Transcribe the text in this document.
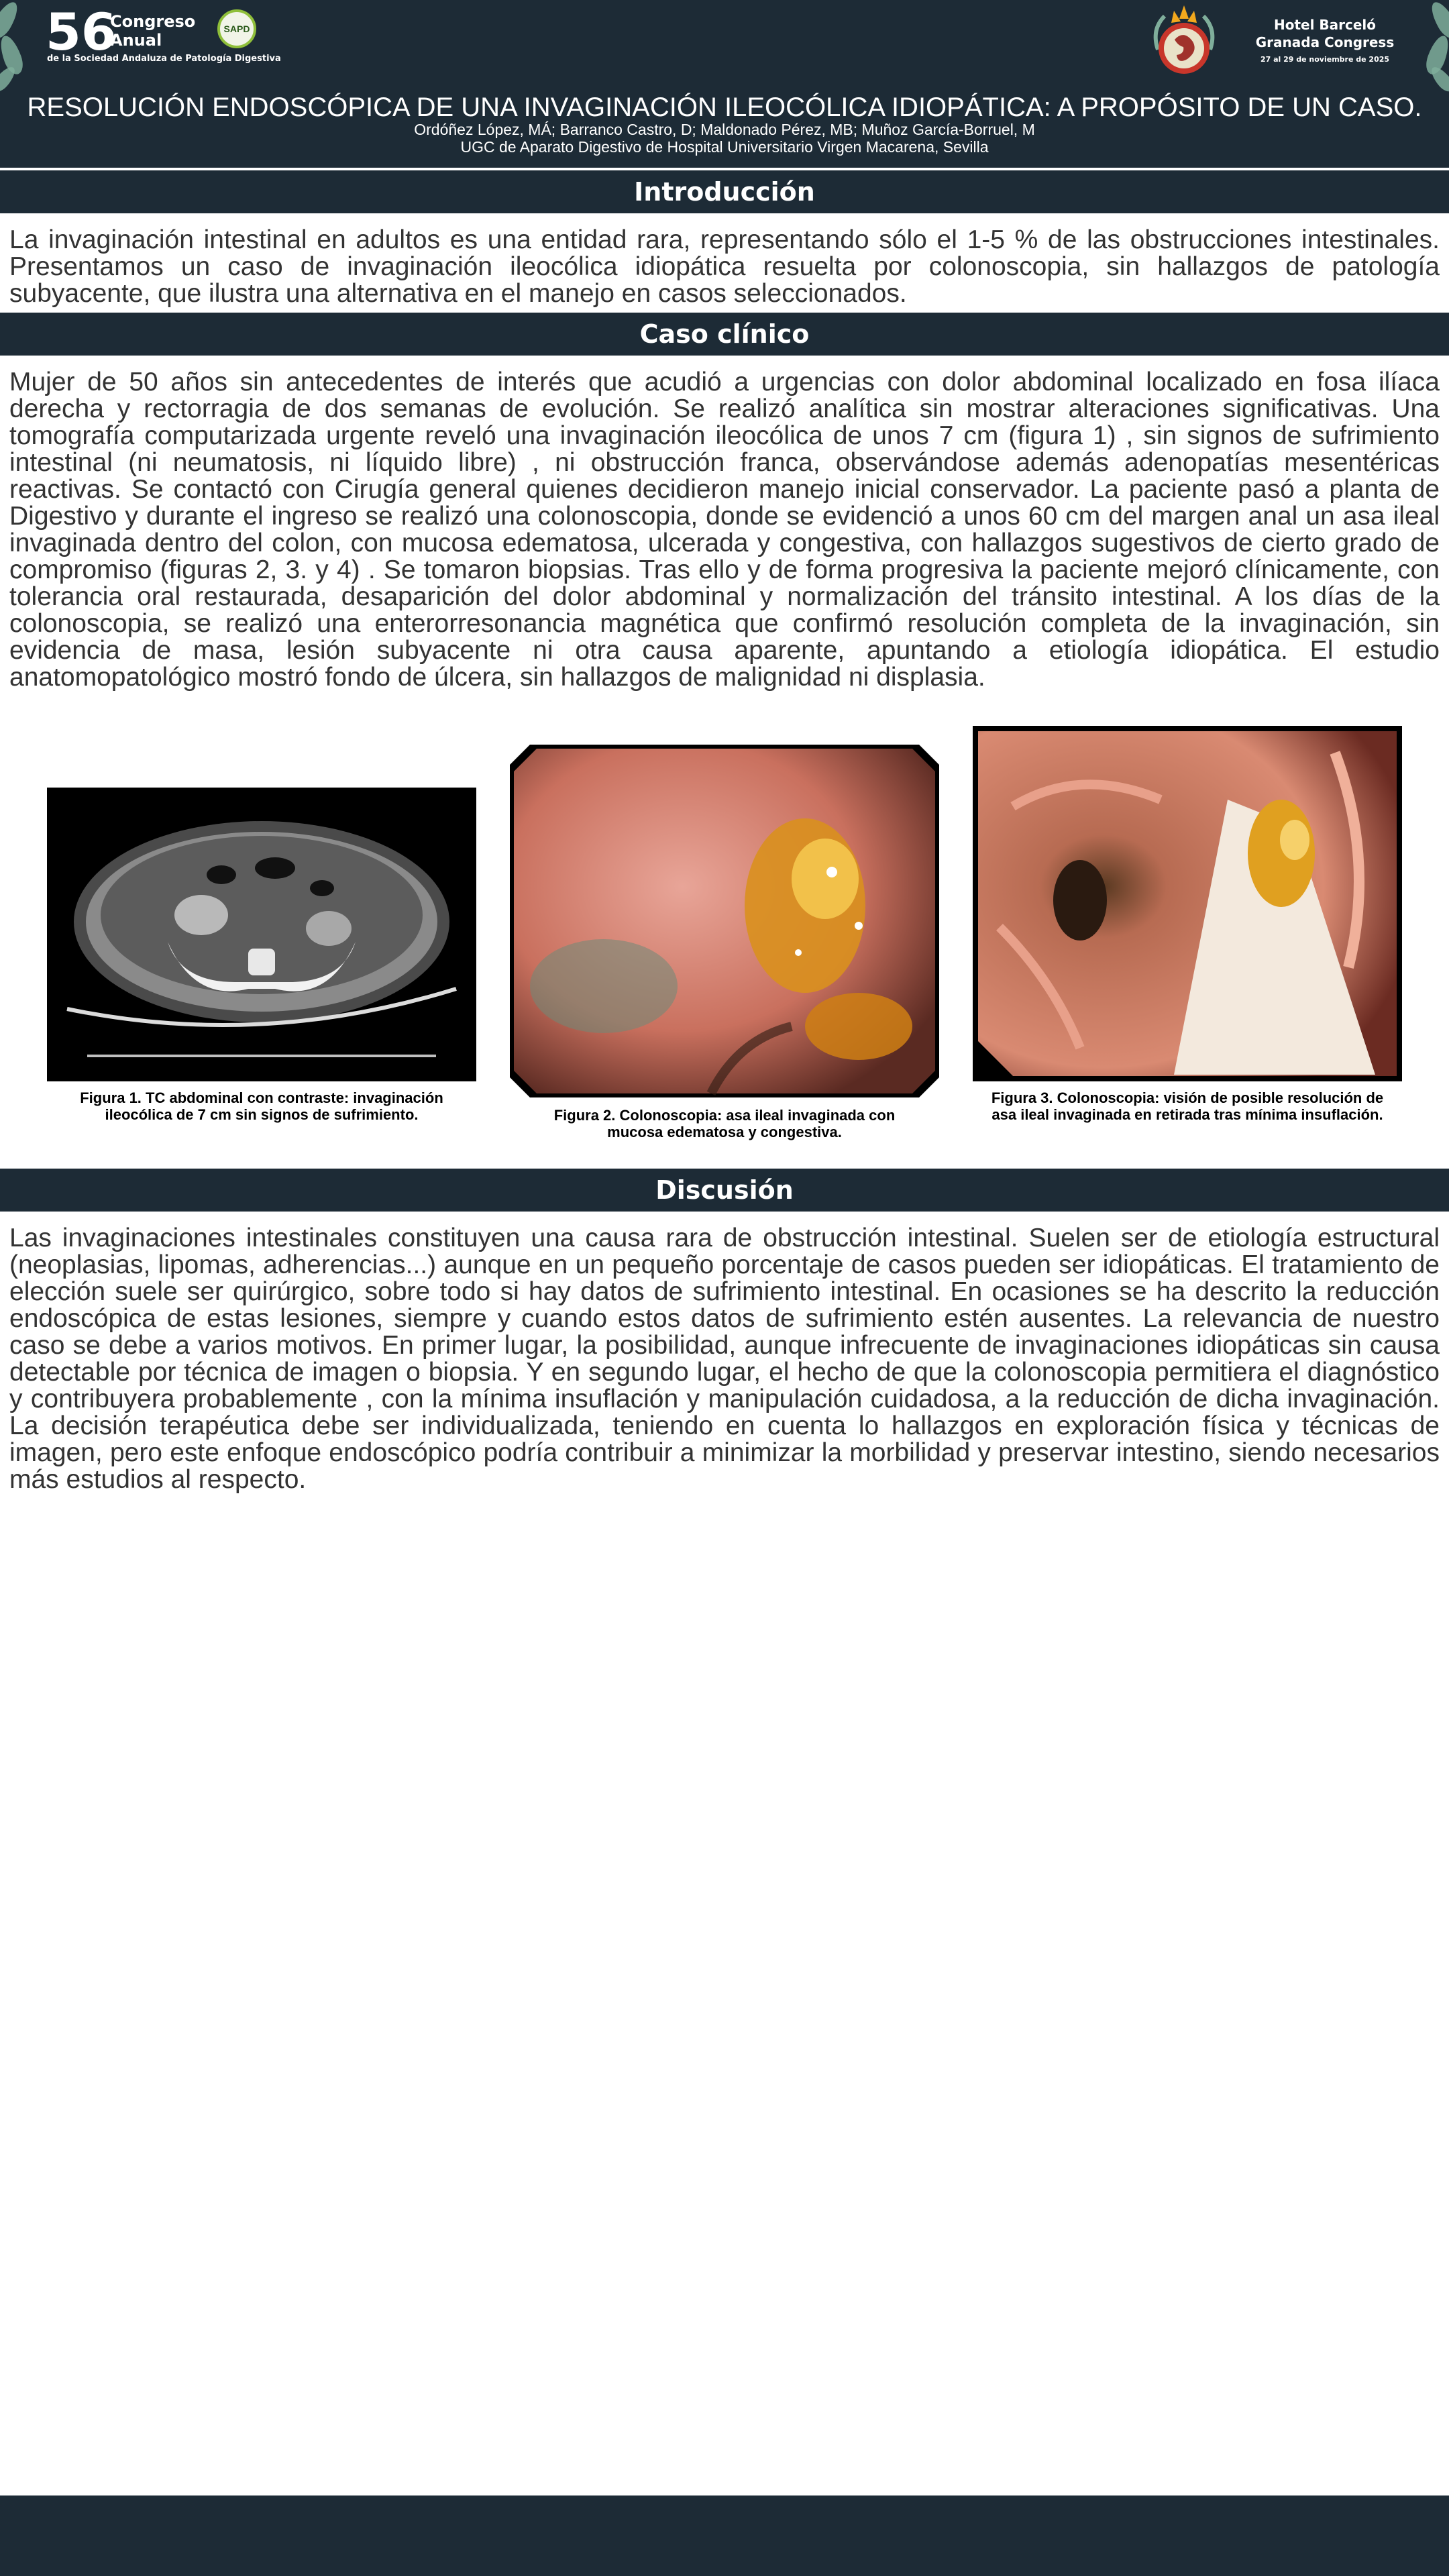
56
Congreso
Anual
de la Sociedad Andaluza de Patología Digestiva
SAPD	Hotel Barceló
Granada Congress
27 al 29 de noviembre de 2025
RESOLUCIÓN ENDOSCÓPICA DE UNA INVAGINACIÓN ILEOCÓLICA IDIOPÁTICA: A PROPÓSITO DE UN CASO.
Ordóñez López, MÁ; Barranco Castro, D; Maldonado Pérez, MB; Muñoz García-Borruel, M
UGC de Aparato Digestivo de Hospital Universitario Virgen Macarena, Sevilla
Introducción

La invaginación intestinal en adultos es una entidad rara, representando sólo el 1-5 % de las obstrucciones intestinales. Presentamos un caso de invaginación ileocólica idiopática resuelta por colonoscopia, sin hallazgos de patología subyacente, que ilustra una alternativa en el manejo en casos seleccionados.

Caso clínico

Mujer de 50 años sin antecedentes de interés que acudió a urgencias con dolor abdominal localizado en fosa ilíaca derecha y rectorragia de dos semanas de evolución. Se realizó analítica sin mostrar alteraciones significativas. Una tomografía computarizada urgente reveló una invaginación ileocólica de unos 7 cm (figura 1) , sin signos de sufrimiento intestinal (ni neumatosis, ni líquido libre) , ni obstrucción franca, observándose además adenopatías mesentéricas reactivas. Se contactó con Cirugía general quienes decidieron manejo inicial conservador. La paciente pasó a planta de Digestivo y durante el ingreso se realizó una colonoscopia, donde se evidenció a unos 60 cm del margen anal un asa ileal invaginada dentro del colon, con mucosa edematosa, ulcerada y congestiva, con hallazgos sugestivos de cierto grado de compromiso (figuras 2, 3. y 4) . Se tomaron biopsias. Tras ello y de forma progresiva la paciente mejoró clínicamente, con tolerancia oral restaurada, desaparición del dolor abdominal y normalización del tránsito intestinal. A los días de la colonoscopia, se realizó una enterorresonancia magnética que confirmó resolución completa de la invaginación, sin evidencia de masa, lesión subyacente ni otra causa aparente, apuntando a etiología idiopática. El estudio anatomopatológico mostró fondo de úlcera, sin hallazgos de malignidad ni displasia.

Figura 1. TC abdominal con contraste: invaginación ileocólica de 7 cm sin signos de sufrimiento.	Figura 2. Colonoscopia: asa ileal invaginada con mucosa edematosa y congestiva.
Figura 3. Colonoscopia: visión de posible resolución de asa ileal invaginada en retirada tras mínima insuflación.
Discusión

Las invaginaciones intestinales constituyen una causa rara de obstrucción intestinal. Suelen ser de etiología estructural (neoplasias, lipomas, adherencias...) aunque en un pequeño porcentaje de casos pueden ser idiopáticas. El tratamiento de elección suele ser quirúrgico, sobre todo si hay datos de sufrimiento intestinal. En ocasiones se ha descrito la reducción endoscópica de estas lesiones, siempre y cuando estos datos de sufrimiento estén ausentes. La relevancia de nuestro caso se debe a varios motivos. En primer lugar, la posibilidad, aunque infrecuente de invaginaciones idiopáticas sin causa detectable por técnica de imagen o biopsia. Y en segundo lugar, el hecho de que la colonoscopia permitiera el diagnóstico y contribuyera probablemente , con la mínima insuflación y manipulación cuidadosa, a la reducción de dicha invaginación. La decisión terapéutica debe ser individualizada, teniendo en cuenta lo hallazgos en exploración física y técnicas de imagen, pero este enfoque endoscópico podría contribuir a minimizar la morbilidad y preservar intestino, siendo necesarios más estudios al respecto.
